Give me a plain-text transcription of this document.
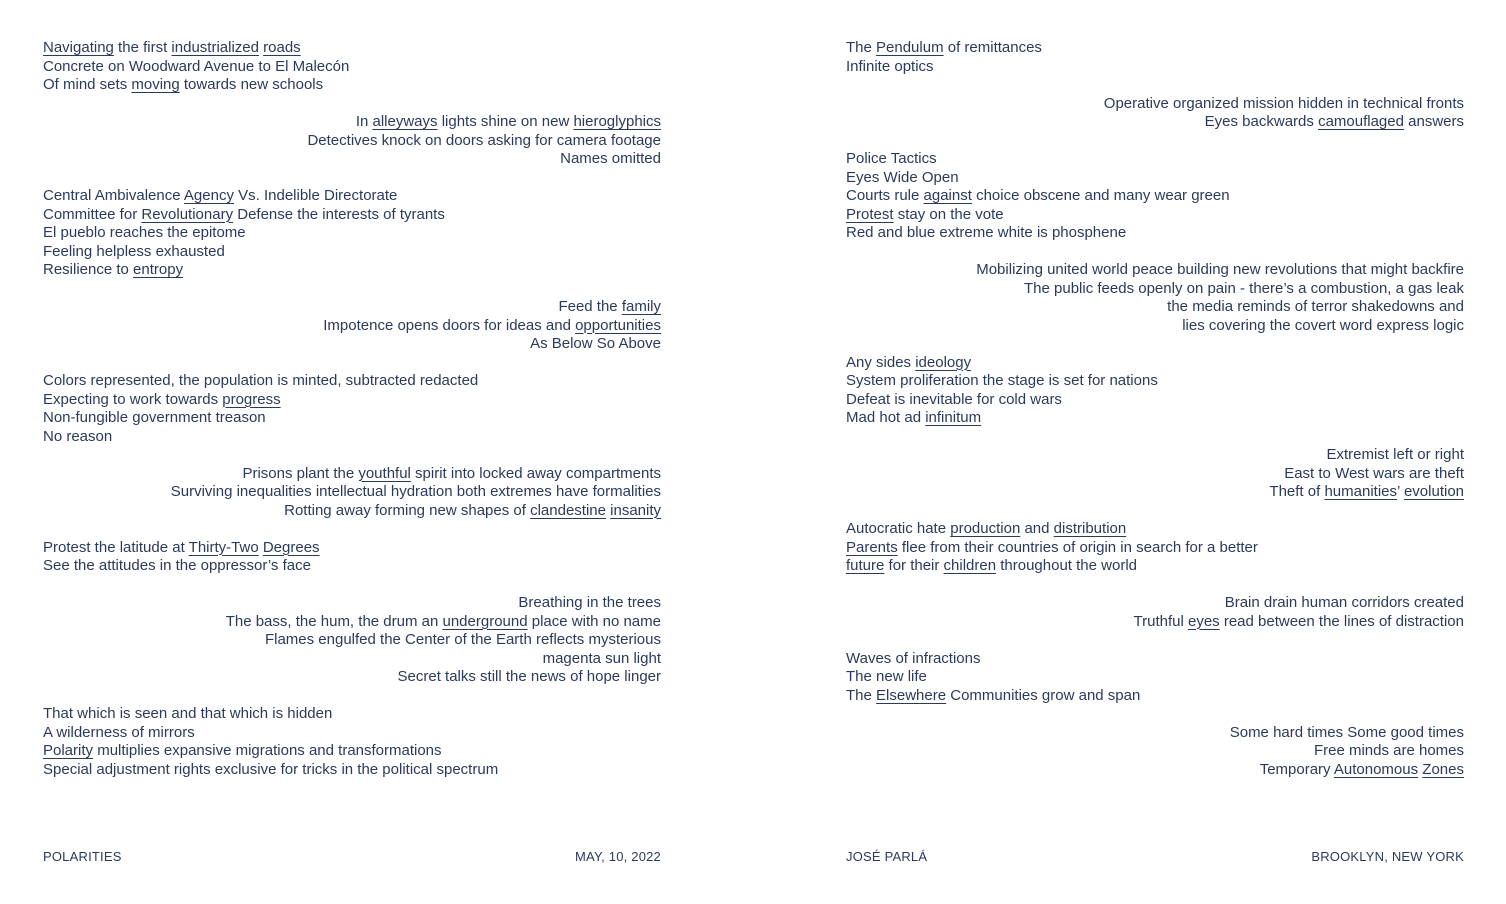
Navigating the first industrialized roads
Concrete on Woodward Avenue to El Malecón
Of mind sets moving towards new schools
In alleyways lights shine on new hieroglyphics
Detectives knock on doors asking for camera footage
Names omitted
Central Ambivalence Agency Vs. Indelible Directorate
Committee for Revolutionary Defense the interests of tyrants
El pueblo reaches the epitome
Feeling helpless exhausted
Resilience to entropy
Feed the family
Impotence opens doors for ideas and opportunities
As Below So Above
Colors represented, the population is minted, subtracted redacted
Expecting to work towards progress
Non-fungible government treason
No reason
Prisons plant the youthful spirit into locked away compartments
Surviving inequalities intellectual hydration both extremes have formalities
Rotting away forming new shapes of clandestine insanity
Protest the latitude at Thirty-Two Degrees
See the attitudes in the oppressor’s face
Breathing in the trees
The bass, the hum, the drum an underground place with no name
Flames engulfed the Center of the Earth reflects mysterious
magenta sun light
Secret talks still the news of hope linger
That which is seen and that which is hidden
A wilderness of mirrors
Polarity multiplies expansive migrations and transformations
Special adjustment rights exclusive for tricks in the political spectrum
The Pendulum of remittances
Infinite optics
Operative organized mission hidden in technical fronts
Eyes backwards camouflaged answers
Police Tactics
Eyes Wide Open
Courts rule against choice obscene and many wear green
Protest stay on the vote
Red and blue extreme white is phosphene
Mobilizing united world peace building new revolutions that might backfire
The public feeds openly on pain - there’s a combustion, a gas leak
the media reminds of terror shakedowns and
lies covering the covert word express logic
Any sides ideology
System proliferation the stage is set for nations
Defeat is inevitable for cold wars
Mad hot ad infinitum
Extremist left or right
East to West wars are theft
Theft of humanities’ evolution
Autocratic hate production and distribution
Parents flee from their countries of origin in search for a better
future for their children throughout the world
Brain drain human corridors created
Truthful eyes read between the lines of distraction
Waves of infractions
The new life
The Elsewhere Communities grow and span
Some hard times Some good times
Free minds are homes
Temporary Autonomous Zones
POLARITIES	MAY, 10, 2022	JOSÉ PARLÁ	BROOKLYN, NEW YORK
